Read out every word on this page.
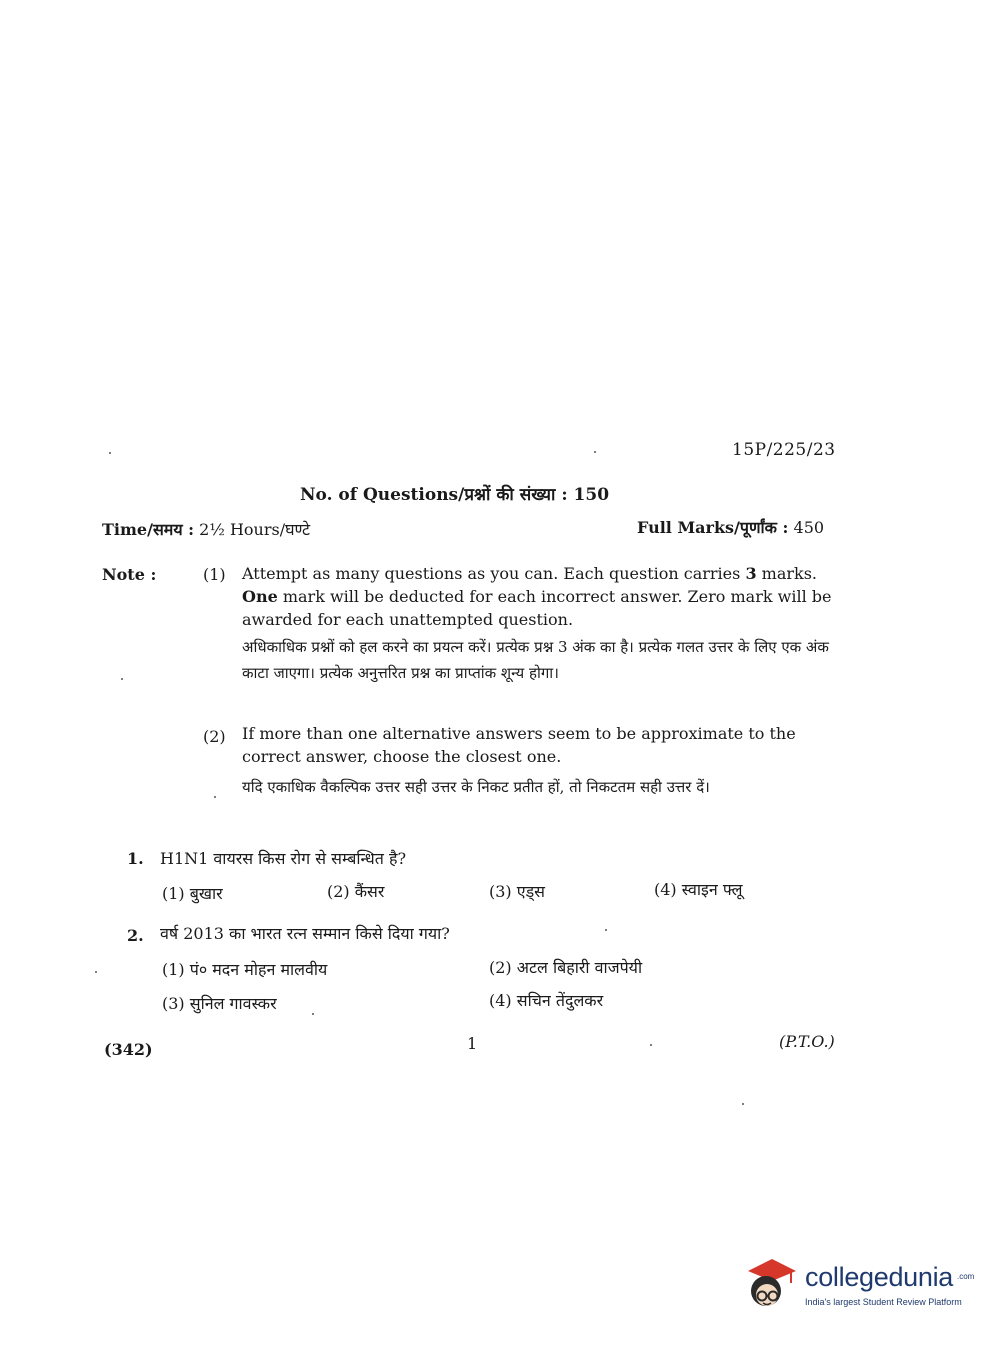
15P/225/23
No. of Questions/प्रश्नों की संख्या : 150
Time/समय : 2½ Hours/घण्टे	Full Marks/पूर्णांक : 450
Note :	(1) Attempt as many questions as you can. Each question carries 3 marks. One mark will be deducted for each incorrect answer. Zero mark will be awarded for each unattempted question.
अधिकाधिक प्रश्नों को हल करने का प्रयत्न करें। प्रत्येक प्रश्न 3 अंक का है। प्रत्येक गलत उत्तर के लिए एक अंक काटा जाएगा। प्रत्येक अनुत्तरित प्रश्न का प्राप्तांक शून्य होगा।
(2) If more than one alternative answers seem to be approximate to the correct answer, choose the closest one.
यदि एकाधिक वैकल्पिक उत्तर सही उत्तर के निकट प्रतीत हों, तो निकटतम सही उत्तर दें।
1. H1N1 वायरस किस रोग से सम्बन्धित है?
(1) बुखार	(2) कैंसर	(3) एड्स	(4) स्वाइन फ्लू
2. वर्ष 2013 का भारत रत्न सम्मान किसे दिया गया?
(1) पं० मदन मोहन मालवीय	(2) अटल बिहारी वाजपेयी
(3) सुनिल गावस्कर	(4) सचिन तेंदुलकर
(342)	1	(P.T.O.)
collegedunia .com
India's largest Student Review Platform
